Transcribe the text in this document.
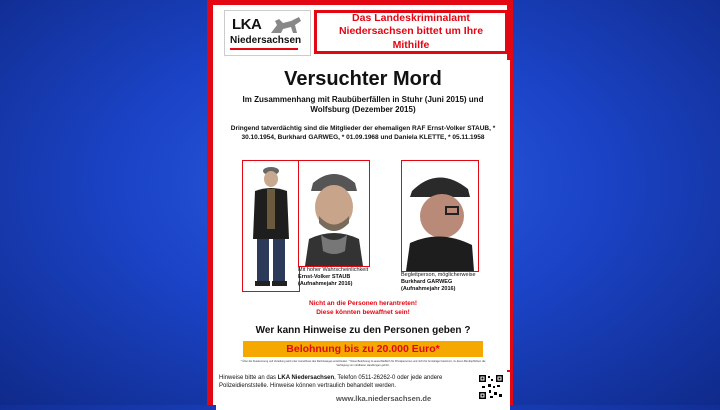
LKA
Niedersachsen
Das Landeskriminalamt Niedersachsen bittet um Ihre Mithilfe
Versuchter Mord
Im Zusammenhang mit Raubüberfällen in Stuhr (Juni 2015) und Wolfsburg (Dezember 2015)
Dringend tatverdächtig sind die Mitglieder der ehemaligen RAF Ernst-Volker STAUB, * 30.10.1954, Burkhard GARWEG, * 01.09.1968 und Daniela KLETTE, * 05.11.1958
Mit hoher Wahrscheinlichkeit
Ernst-Volker STAUB
(Aufnahmejahr 2016)
Begleitperson, möglicherweise
Burkhard GARWEG
(Aufnahmejahr 2016)
Nicht an die Personen herantreten!
Diese könnten bewaffnet sein!
Wer kann Hinweise zu den Personen geben ?
Belohnung bis zu 20.000 Euro*
* Über die Zuerkennung und Verteilung wird unter Ausschluss des Rechtsweges entschieden. * Diese Belohnung ist ausschließlich für Privatpersonen und nicht für Amtsträger bestimmt, zu deren Berufspflichten die Verfolgung von strafbaren Handlungen gehört.
Hinweise bitte an das LKA Niedersachsen, Telefon 0511-26262-0 oder jede andere Polizeidienststelle. Hinweise können vertraulich behandelt werden.
www.lka.niedersachsen.de
